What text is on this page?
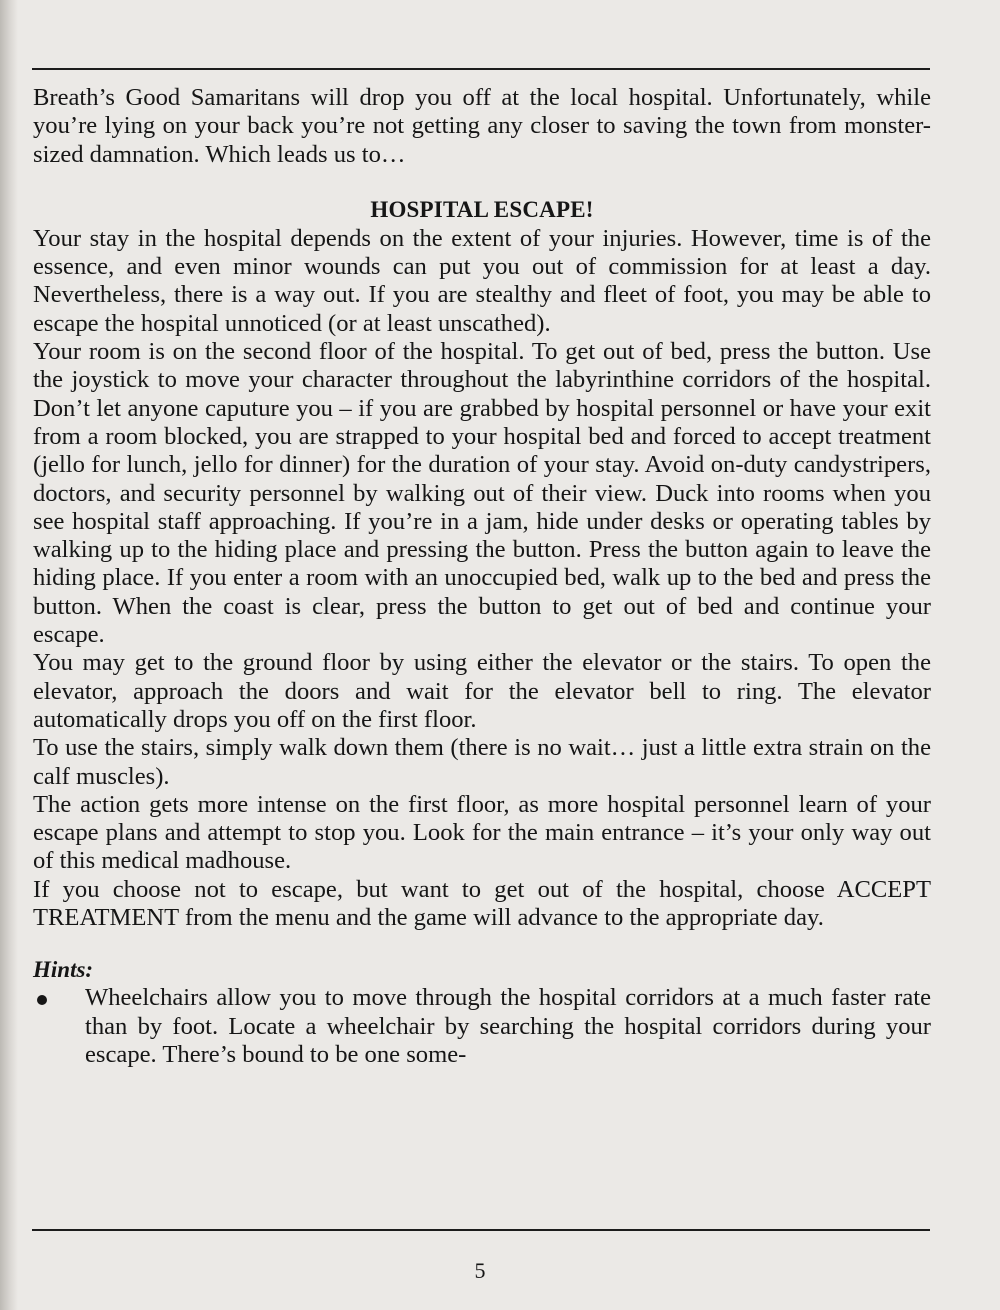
Breath’s Good Samaritans will drop you off at the local hospital. Unfortunately, while you’re lying on your back you’re not getting any closer to saving the town from monster-sized damnation. Which leads us to…

HOSPITAL ESCAPE!

Your stay in the hospital depends on the extent of your injuries. However, time is of the essence, and even minor wounds can put you out of commission for at least a day. Nevertheless, there is a way out. If you are stealthy and fleet of foot, you may be able to escape the hospital unnoticed (or at least unscathed).

Your room is on the second floor of the hospital. To get out of bed, press the button. Use the joystick to move your character throughout the labyrinthine corridors of the hospital. Don’t let anyone caputure you – if you are grabbed by hospital personnel or have your exit from a room blocked, you are strapped to your hospital bed and forced to accept treatment (jello for lunch, jello for dinner) for the duration of your stay. Avoid on-duty candystripers, doctors, and security personnel by walking out of their view. Duck into rooms when you see hospital staff approaching. If you’re in a jam, hide under desks or operating tables by walking up to the hiding place and pressing the button. Press the button again to leave the hiding place. If you enter a room with an unoccupied bed, walk up to the bed and press the button. When the coast is clear, press the button to get out of bed and continue your escape.

You may get to the ground floor by using either the elevator or the stairs. To open the elevator, approach the doors and wait for the elevator bell to ring. The elevator automatically drops you off on the first floor.

To use the stairs, simply walk down them (there is no wait… just a little extra strain on the calf muscles).

The action gets more intense on the first floor, as more hospital personnel learn of your escape plans and attempt to stop you. Look for the main entrance – it’s your only way out of this medical madhouse.

If you choose not to escape, but want to get out of the hospital, choose ACCEPT TREATMENT from the menu and the game will advance to the appropriate day.

Hints:

Wheelchairs allow you to move through the hospital corridors at a much faster rate than by foot. Locate a wheelchair by searching the hospital corridors during your escape. There’s bound to be one some-

5
